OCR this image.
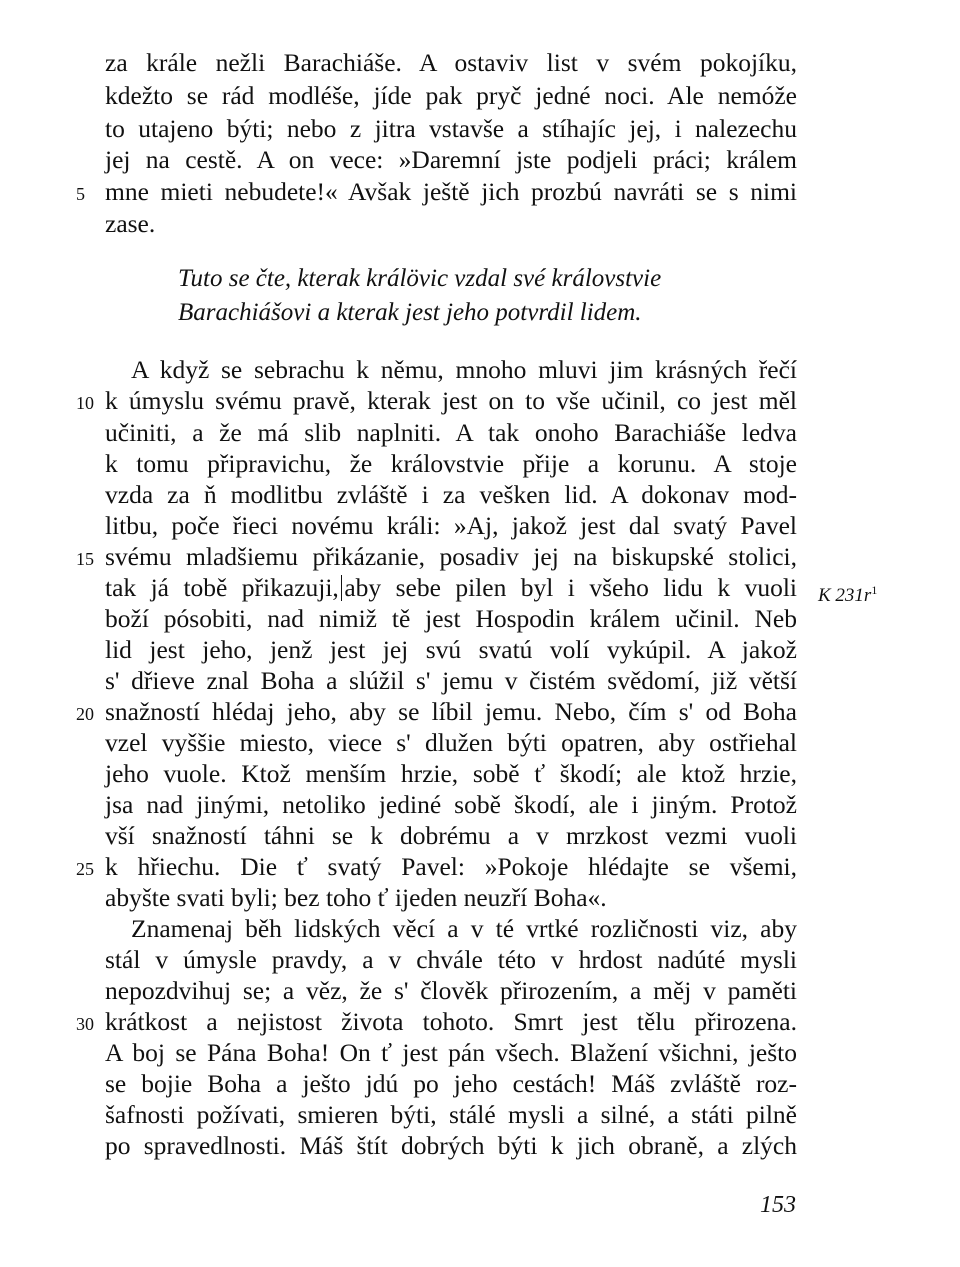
za krále nežli Barachiáše. A ostaviv list v svém pokojíku,
kdežto se rád modléše, jíde pak pryč jedné noci. Ale nemóže
to utajeno býti; nebo z jitra vstavše a stíhajíc jej, i nalezechu
jej na cestě. A on vece: »Daremní jste podjeli práci; králem
5 mne mieti nebudete!« Avšak ještě jich prozbú navráti se s nimi
zase.
Tuto se čte, kterak králövic vzdal své královstvie
Barachiášovi a kterak jest jeho potvrdil lidem.
A když se sebrachu k němu, mnoho mluvi jim krásných řečí
10 k úmyslu svému pravě, kterak jest on to vše učinil, co jest měl
učiniti, a že má slib naplniti. A tak onoho Barachiáše ledva
k tomu připravichu, že královstvie přije a korunu. A stoje
vzda za ň modlitbu zvláště i za vešken lid. A dokonav mod-
litbu, poče řieci novému králi: »Aj, jakož jest dal svatý Pavel
15 svému mladšiemu přikázanie, posadiv jej na biskupské stolici,
tak já tobě přikazuji, aby sebe pilen byl i všeho lidu k vuoli K $231r^1$
boží pósobiti, nad nimiž tě jest Hospodin králem učinil. Neb
lid jest jeho, jenž jest jej svú svatú volí vykúpil. A jakož
s' dřieve znal Boha a slúžil s' jemu v čistém svědomí, již větší
20 snažností hlédaj jeho, aby se líbil jemu. Nebo, čím s' od Boha
vzel vyššie miesto, viece s' dlužen býti opatren, aby ostřiehal
jeho vuole. Ktož menším hrzie, sobě ť škodí; ale ktož hrzie,
jsa nad jinými, netoliko jediné sobě škodí, ale i jiným. Protož
vší snažností táhni se k dobrému a v mrzkost vezmi vuoli
25 k hřiechu. Die ť svatý Pavel: »Pokoje hlédajte se všemi,
abyšte svati byli; bez toho ť ijeden neuzří Boha«.
Znamenaj běh lidských věcí a v té vrtké rozličnosti viz, aby
stál v úmysle pravdy, a v chvále této v hrdost nadúté mysli
nepozdvihuj se; a věz, že s' člověk přirozením, a měj v paměti
30 krátkost a nejistost života tohoto. Smrt jest tělu přirozena.
A boj se Pána Boha! On ť jest pán všech. Blažení všichni, ješto
se bojie Boha a ješto jdú po jeho cestách! Máš zvláště roz-
šafnosti požívati, smieren býti, stálé mysli a silné, a státi pilně
po spravedlnosti. Máš štít dobrých býti k jich obraně, a zlých
153
